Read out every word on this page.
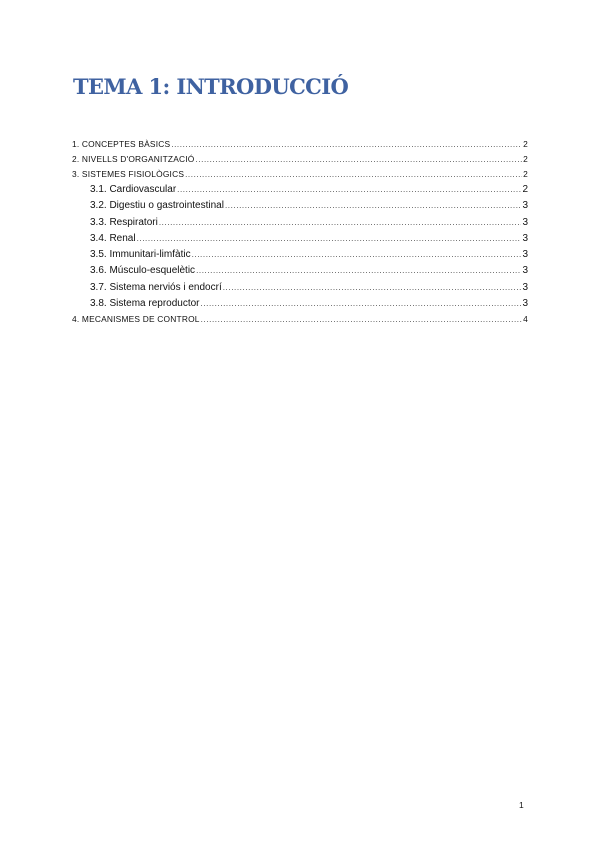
TEMA 1: INTRODUCCIÓ
1. CONCEPTES BÀSICS .....	2
2. NIVELLS D'ORGANITZACIÓ .....	2
3. SISTEMES FISIOLÒGICS .....	2
3.1. Cardiovascular .....	2
3.2. Digestiu o gastrointestinal .....	3
3.3. Respiratori .....	3
3.4. Renal .....	3
3.5. Immunitari-limfàtic .....	3
3.6. Músculo-esquelètic .....	3
3.7. Sistema nerviós i endocrí .....	3
3.8. Sistema reproductor .....	3
4. MECANISMES DE CONTROL .....	4
1
